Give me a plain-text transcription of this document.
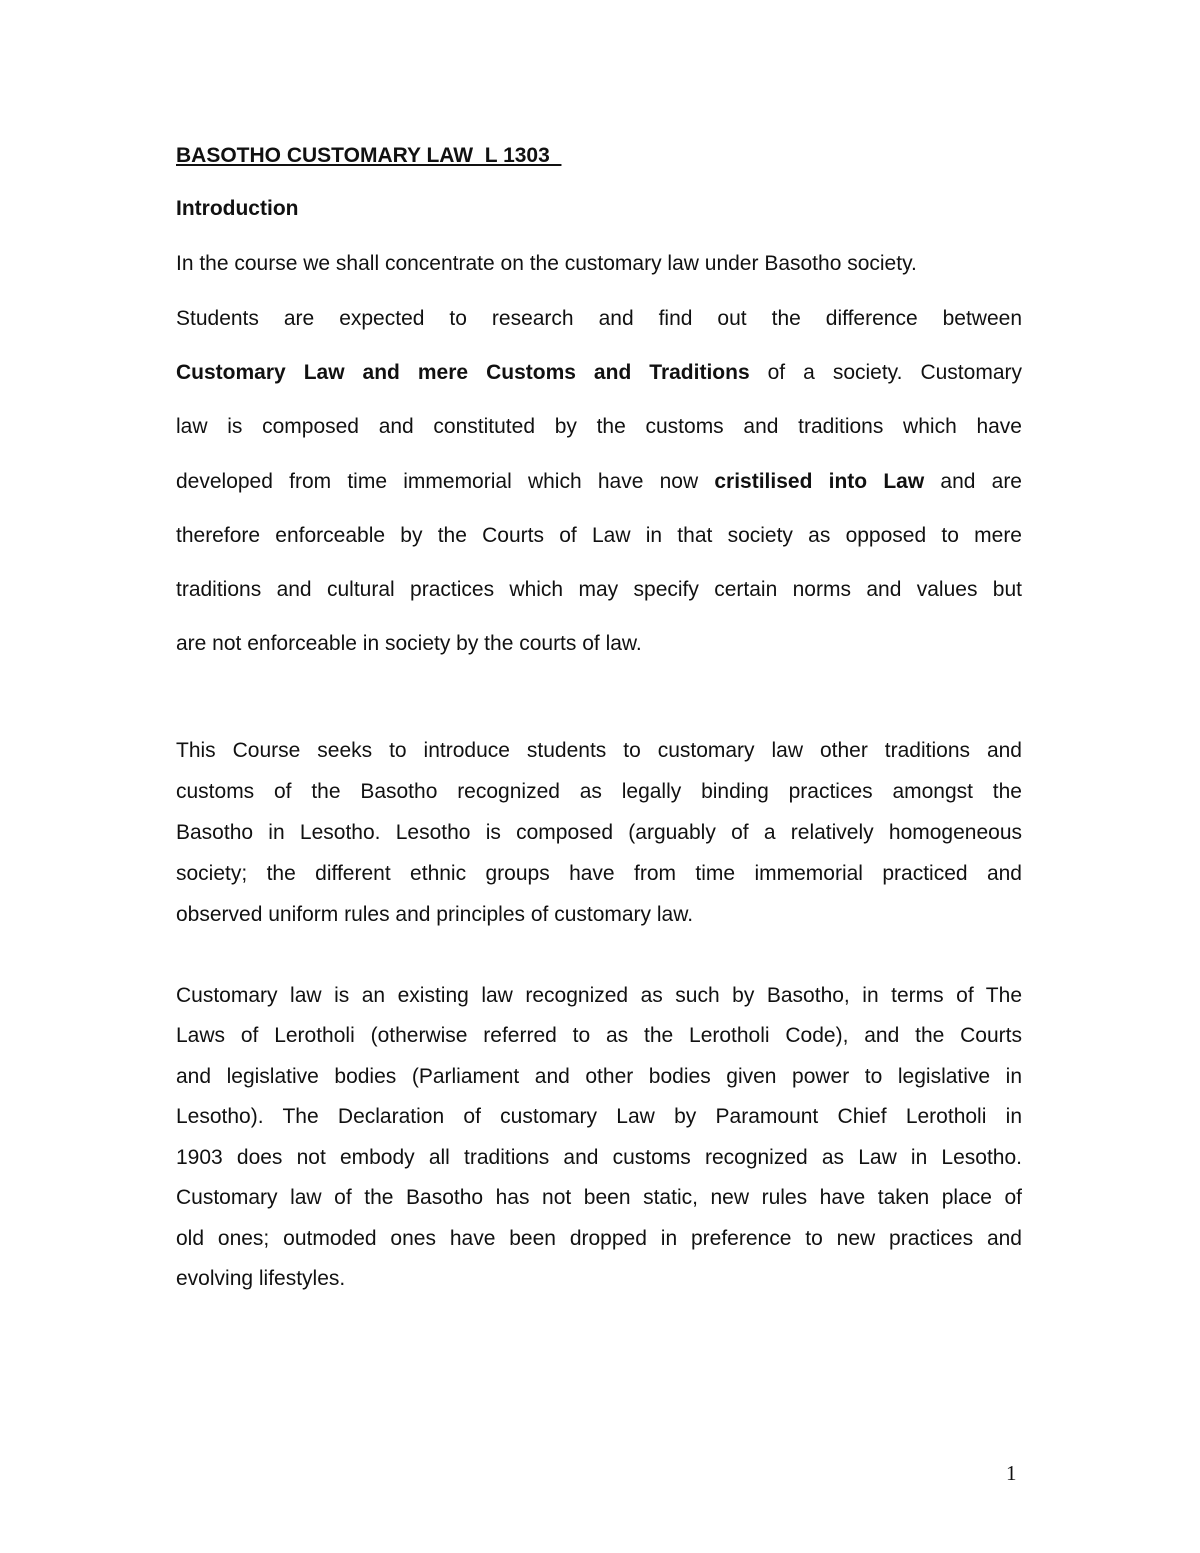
BASOTHO CUSTOMARY LAW  L 1303

Introduction

In the course we shall concentrate on the customary law under Basotho society.

Students are expected to research and find out the difference between

Customary Law and mere Customs and Traditions of a society. Customary

law is composed and constituted by the customs and traditions which have

developed from time immemorial which have now cristilised into Law and are

therefore enforceable by the Courts of Law in that society as opposed to mere

traditions and cultural practices which may specify certain norms and values but

are not enforceable in society by the courts of law.

This Course seeks to introduce students to customary law other traditions and

customs of the Basotho recognized as legally binding practices amongst the

Basotho in Lesotho. Lesotho is composed (arguably of a relatively homogeneous

society; the different ethnic groups have from time immemorial practiced and

observed uniform rules and principles of customary law.

Customary law is an existing law recognized as such by Basotho, in terms of The

Laws of Lerotholi (otherwise referred to as the Lerotholi Code), and the Courts

and legislative bodies (Parliament and other bodies given power to legislative in

Lesotho). The Declaration of customary Law by Paramount Chief Lerotholi in

1903 does not embody all traditions and customs recognized as Law in Lesotho.

Customary law of the Basotho has not been static, new rules have taken place of

old ones; outmoded ones have been dropped in preference to new practices and

evolving lifestyles.

1
